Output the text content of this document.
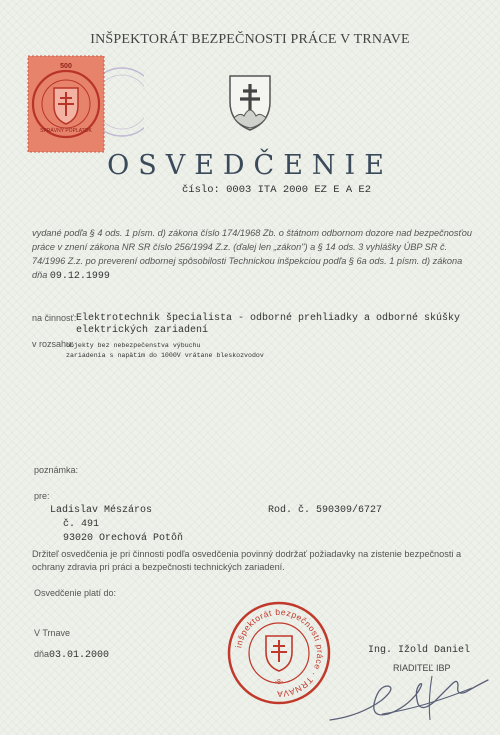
500
SPRÁVNY POPLATOK
INŠPEKTORÁT BEZPEČNOSTI PRÁCE V TRNAVE
OSVEDČENIE
číslo: 0003 ITA 2000 EZ E A E2
vydané podľa § 4 ods. 1 písm. d) zákona číslo 174/1968 Zb. o štátnom odbornom dozore nad bezpečnosťou práce v znení zákona NR SR číslo 256/1994 Z.z. (ďalej len „zákon") a § 14 ods. 3 vyhlášky ÚBP SR č. 74/1996 Z.z. po preverení odbornej spôsobilosti Technickou inšpekciou podľa § 6a ods. 1 písm. d) zákona dňa 09.12.1999
na činnosť: Elektrotechnik špecialista - odborné prehliadky a odborné skúšky
elektrických zariadení
v rozsahu:
objekty bez nebezpečenstva výbuchu
zariadenia s napätím do 1000V vrátane bleskozvodov
poznámka:
pre:
Ladislav Mészáros	Rod. č. 590309/6727
č. 491
93020 Orechová Potôň
Držiteľ osvedčenia je pri činnosti podľa osvedčenia povinný dodržať požiadavky na zistenie bezpečnosti a ochrany zdravia pri práci a bezpečnosti technických zariadení.
Osvedčenie platí do:
V Trnave
dňa03.01.2000
inšpektorát bezpečnosti práce · TRNAVA
-8-
Ing. Ižold Daniel
RIADITEĽ IBP
